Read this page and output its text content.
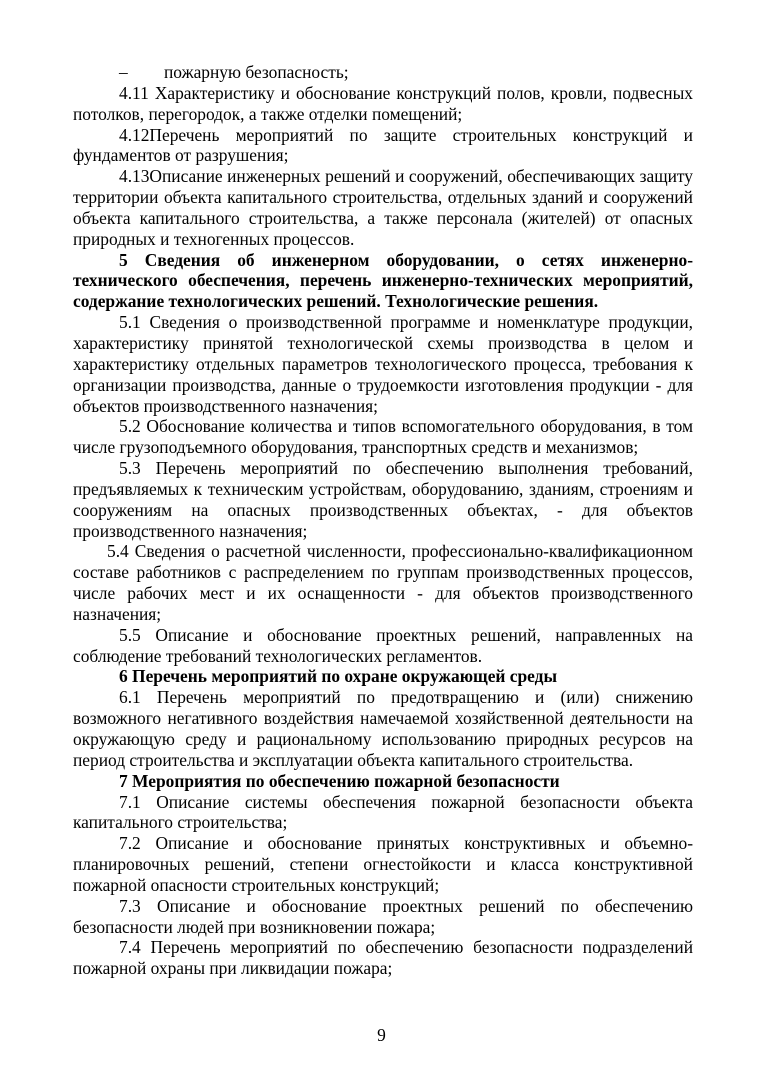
– пожарную безопасность;

4.11 Характеристику и обоснование конструкций полов, кровли, подвесных потолков, перегородок, а также отделки помещений;

4.12Перечень мероприятий по защите строительных конструкций и фундаментов от разрушения;

4.13Описание инженерных решений и сооружений, обеспечивающих защиту территории объекта капитального строительства, отдельных зданий и сооружений объекта капитального строительства, а также персонала (жителей) от опасных природных и техногенных процессов.

5 Сведения об инженерном оборудовании, о сетях инженерно-технического обеспечения, перечень инженерно-технических мероприятий, содержание технологических решений. Технологические решения.

5.1 Сведения о производственной программе и номенклатуре продукции, характеристику принятой технологической схемы производства в целом и характеристику отдельных параметров технологического процесса, требования к организации производства, данные о трудоемкости изготовления продукции - для объектов производственного назначения;

5.2 Обоснование количества и типов вспомогательного оборудования, в том числе грузоподъемного оборудования, транспортных средств и механизмов;

5.3 Перечень мероприятий по обеспечению выполнения требований, предъявляемых к техническим устройствам, оборудованию, зданиям, строениям и сооружениям на опасных производственных объектах, - для объектов производственного назначения;

5.4 Сведения о расчетной численности, профессионально-квалификационном составе работников с распределением по группам производственных процессов, числе рабочих мест и их оснащенности - для объектов производственного назначения;

5.5 Описание и обоснование проектных решений, направленных на соблюдение требований технологических регламентов.

6 Перечень мероприятий по охране окружающей среды

6.1 Перечень мероприятий по предотвращению и (или) снижению возможного негативного воздействия намечаемой хозяйственной деятельности на окружающую среду и рациональному использованию природных ресурсов на период строительства и эксплуатации объекта капитального строительства.

7 Мероприятия по обеспечению пожарной безопасности

7.1 Описание системы обеспечения пожарной безопасности объекта капитального строительства;

7.2 Описание и обоснование принятых конструктивных и объемно-планировочных решений, степени огнестойкости и класса конструктивной пожарной опасности строительных конструкций;

7.3 Описание и обоснование проектных решений по обеспечению безопасности людей при возникновении пожара;

7.4 Перечень мероприятий по обеспечению безопасности подразделений пожарной охраны при ликвидации пожара;

9
